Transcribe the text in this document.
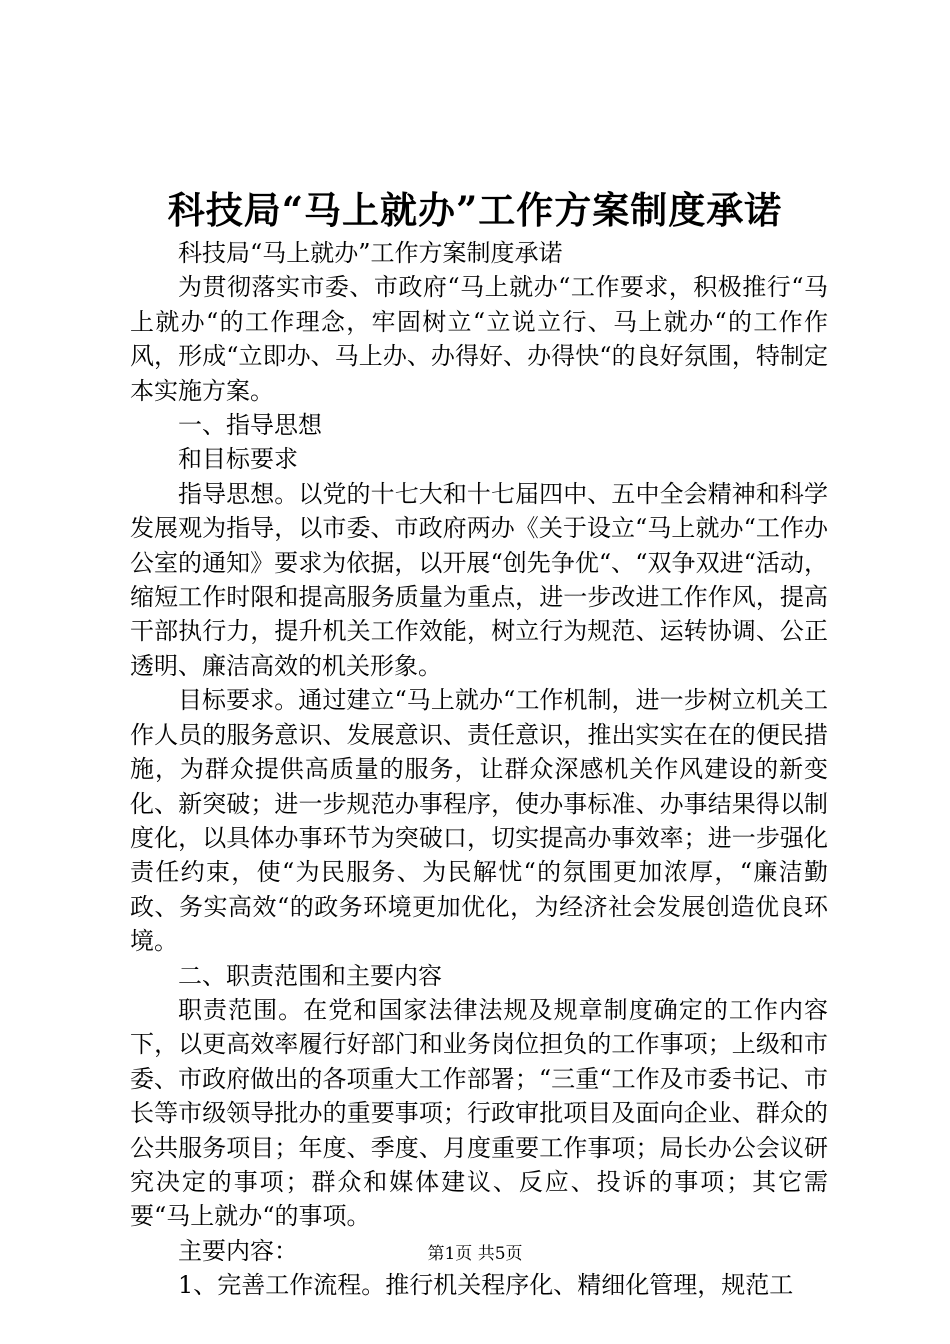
科技局“马上就办”工作方案制度承诺

科技局“马上就办”工作方案制度承诺

为贯彻落实市委、市政府“马上就办“工作要求，积极推行“马上就办“的工作理念，牢固树立“立说立行、马上就办“的工作作风，形成“立即办、马上办、办得好、办得快“的良好氛围，特制定本实施方案。

一、指导思想

和目标要求

指导思想。以党的十七大和十七届四中、五中全会精神和科学发展观为指导，以市委、市政府两办《关于设立“马上就办“工作办公室的通知》要求为依据，以开展“创先争优“、“双争双进“活动，缩短工作时限和提高服务质量为重点，进一步改进工作作风，提高干部执行力，提升机关工作效能，树立行为规范、运转协调、公正透明、廉洁高效的机关形象。

目标要求。通过建立“马上就办“工作机制，进一步树立机关工作人员的服务意识、发展意识、责任意识，推出实实在在的便民措施，为群众提供高质量的服务，让群众深感机关作风建设的新变化、新突破；进一步规范办事程序，使办事标准、办事结果得以制度化，以具体办事环节为突破口，切实提高办事效率；进一步强化责任约束，使“为民服务、为民解忧“的氛围更加浓厚，“廉洁勤政、务实高效“的政务环境更加优化，为经济社会发展创造优良环境。

二、职责范围和主要内容

职责范围。在党和国家法律法规及规章制度确定的工作内容下，以更高效率履行好部门和业务岗位担负的工作事项；上级和市委、市政府做出的各项重大工作部署；“三重“工作及市委书记、市长等市级领导批办的重要事项；行政审批项目及面向企业、群众的公共服务项目；年度、季度、月度重要工作事项；局长办公会议研究决定的事项；群众和媒体建议、反应、投诉的事项；其它需要“马上就办“的事项。

主要内容：

1、完善工作流程。推行机关程序化、精细化管理，规范工

第1页 共5页
